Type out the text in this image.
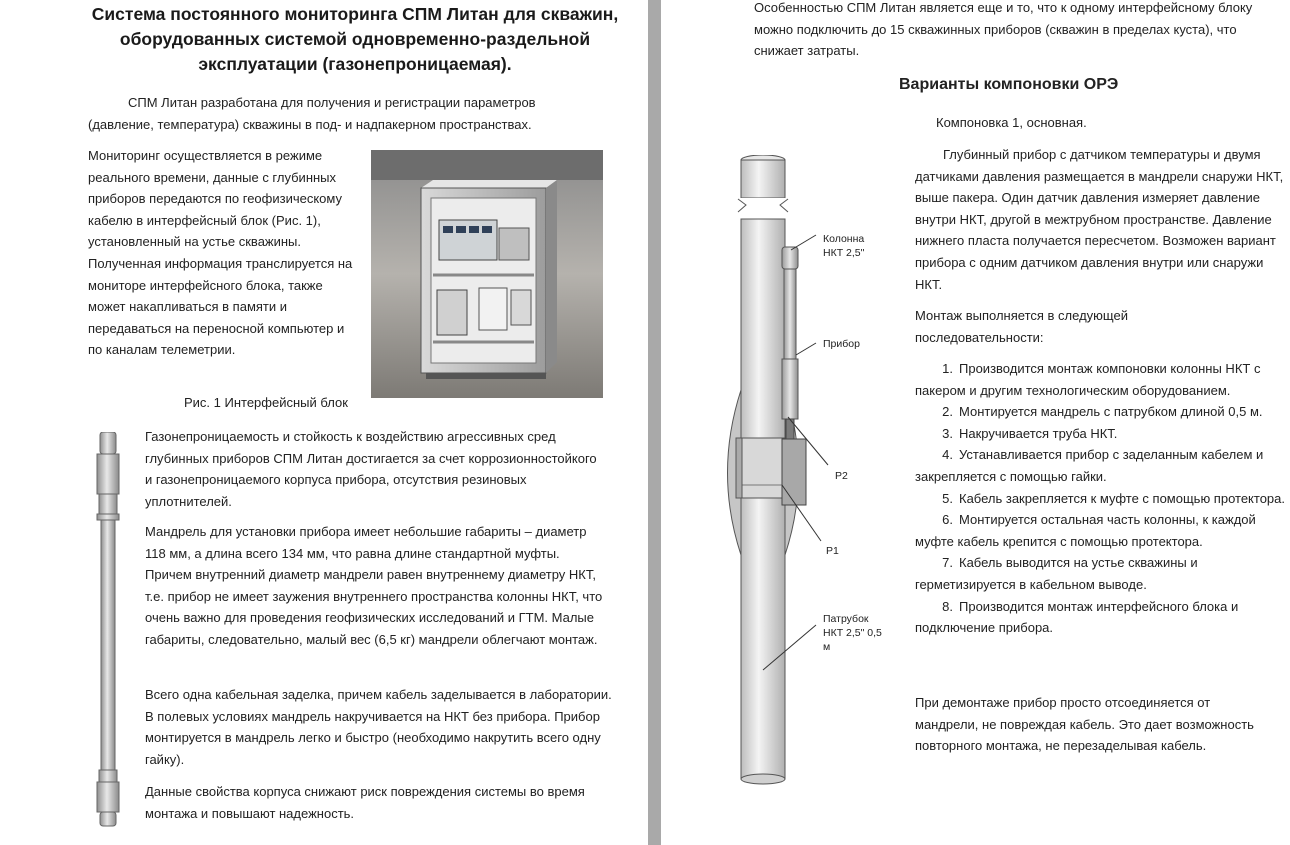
Система постоянного мониторинга СПМ Литан для скважин, оборудованных системой одновременно-раздельной эксплуатации (газонепроницаемая).

СПМ Литан разработана для получения и регистрации параметров (давление, температура) скважины в под- и надпакерном пространствах.

Мониторинг осуществляется в режиме реального времени, данные с глубинных приборов передаются по геофизическому кабелю в интерфейсный блок (Рис. 1), установленный на устье скважины. Полученная информация транслируется на мониторе интерфейсного блока, также может накапливаться в памяти и передаваться на переносной компьютер и по каналам телеметрии.

Рис. 1 Интерфейсный блок

Газонепроницаемость и стойкость к воздействию агрессивных сред глубинных приборов СПМ Литан достигается за счет коррозионностойкого и газонепроницаемого корпуса прибора, отсутствия резиновых уплотнителей.

Мандрель для установки прибора имеет небольшие габариты – диаметр 118 мм, а длина всего 134 мм, что равна длине стандартной муфты. Причем внутренний диаметр мандрели равен внутреннему диаметру НКТ, т.е. прибор не имеет заужения внутреннего пространства колонны НКТ, что очень важно для проведения геофизических исследований и ГТМ. Малые габариты, следовательно, малый вес (6,5 кг) мандрели облегчают монтаж.

Всего одна кабельная заделка, причем кабель заделывается в лаборатории. В полевых условиях мандрель накручивается на НКТ без прибора. Прибор монтируется в мандрель легко и быстро (необходимо накрутить всего одну гайку).

Данные свойства корпуса снижают риск повреждения системы во время монтажа и повышают надежность.

Особенностью СПМ Литан является еще и то, что к одному интерфейсному блоку можно подключить до 15 скважинных приборов (скважин в пределах куста), что снижает затраты.

Варианты компоновки ОРЭ

Компоновка 1, основная.

Глубинный прибор с датчиком температуры и двумя датчиками давления размещается в мандрели снаружи НКТ, выше пакера. Один датчик давления измеряет давление внутри НКТ, другой в межтрубном пространстве. Давление нижнего пласта получается пересчетом. Возможен вариант прибора с одним датчиком давления внутри или снаружи НКТ.

Монтаж выполняется в следующей последовательности:

1. Производится монтаж компоновки колонны НКТ с пакером и другим технологическим оборудованием.
2. Монтируется мандрель с патрубком длиной 0,5 м.
3. Накручивается труба НКТ.
4. Устанавливается прибор с заделанным кабелем и закрепляется с помощью гайки.
5. Кабель закрепляется к муфте с помощью протектора.
6. Монтируется остальная часть колонны, к каждой муфте кабель крепится с помощью протектора.
7. Кабель выводится на устье скважины и герметизируется в кабельном выводе.
8. Производится монтаж интерфейсного блока и подключение прибора.

При демонтаже прибор просто отсоединяется от мандрели, не повреждая кабель. Это дает возможность повторного монтажа, не перезаделывая кабель.

Колонна НКТ 2,5"
Прибор
Р2
Р1
Патрубок НКТ 2,5" 0,5 м
